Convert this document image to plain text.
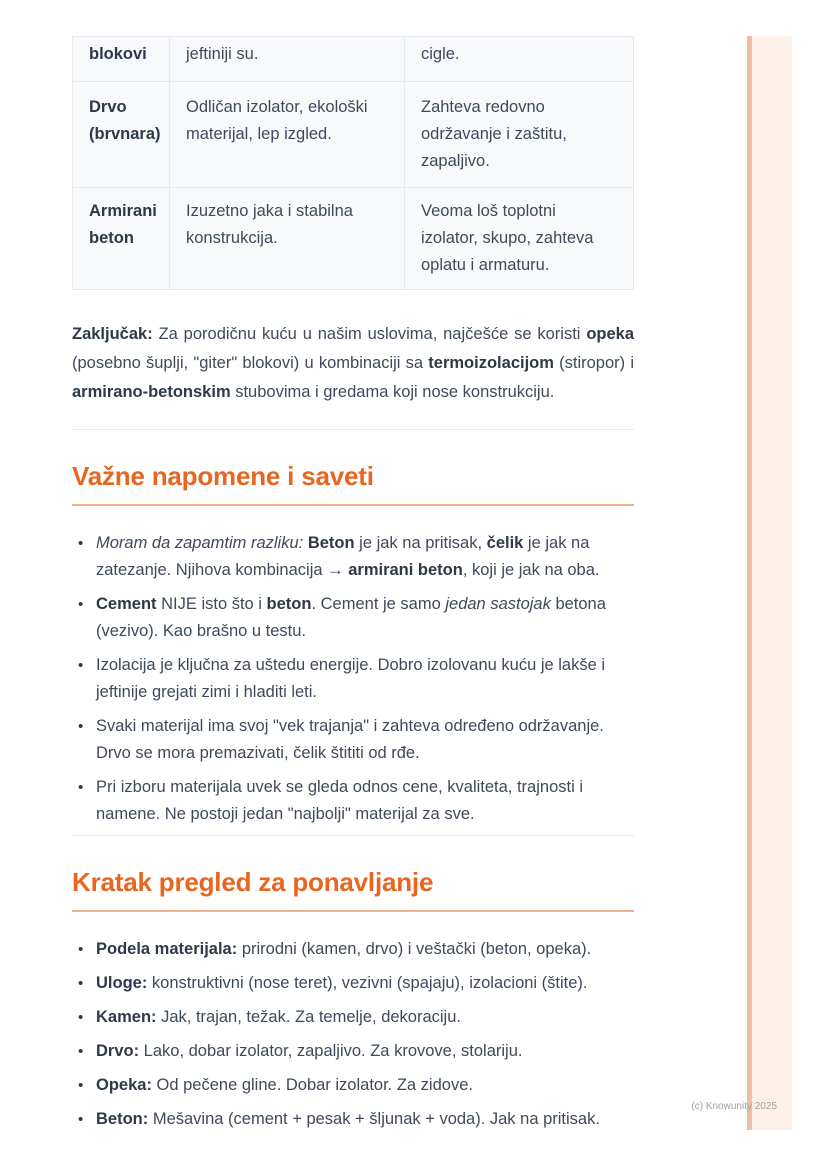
blokovi	jeftiniji su.	cigle.
Drvo (brvnara)	Odličan izolator, ekološki materijal, lep izgled.	Zahteva redovno održavanje i zaštitu, zapaljivo.
Armirani beton	Izuzetno jaka i stabilna konstrukcija.	Veoma loš toplotni izolator, skupo, zahteva oplatu i armaturu.

Zaključak: Za porodičnu kuću u našim uslovima, najčešće se koristi opeka (posebno šuplji, "giter" blokovi) u kombinaciji sa termoizolacijom (stiropor) i armirano-betonskim stubovima i gredama koji nose konstrukciju.

Važne napomene i saveti
• Moram da zapamtim razliku: Beton je jak na pritisak, čelik je jak na zatezanje. Njihova kombinacija → armirani beton, koji je jak na oba.
• Cement NIJE isto što i beton. Cement je samo jedan sastojak betona (vezivo). Kao brašno u testu.
• Izolacija je ključna za uštedu energije. Dobro izolovanu kuću je lakše i jeftinije grejati zimi i hladiti leti.
• Svaki materijal ima svoj "vek trajanja" i zahteva određeno održavanje. Drvo se mora premazivati, čelik štititi od rđe.
• Pri izboru materijala uvek se gleda odnos cene, kvaliteta, trajnosti i namene. Ne postoji jedan "najbolji" materijal za sve.
Kratak pregled za ponavljanje
• Podela materijala: prirodni (kamen, drvo) i veštački (beton, opeka).
• Uloge: konstruktivni (nose teret), vezivni (spajaju), izolacioni (štite).
• Kamen: Jak, trajan, težak. Za temelje, dekoraciju.
• Drvo: Lako, dobar izolator, zapaljivo. Za krovove, stolariju.
• Opeka: Od pečene gline. Dobar izolator. Za zidove.
• Beton: Mešavina (cement + pesak + šljunak + voda). Jak na pritisak.
(c) Knowunity 2025
